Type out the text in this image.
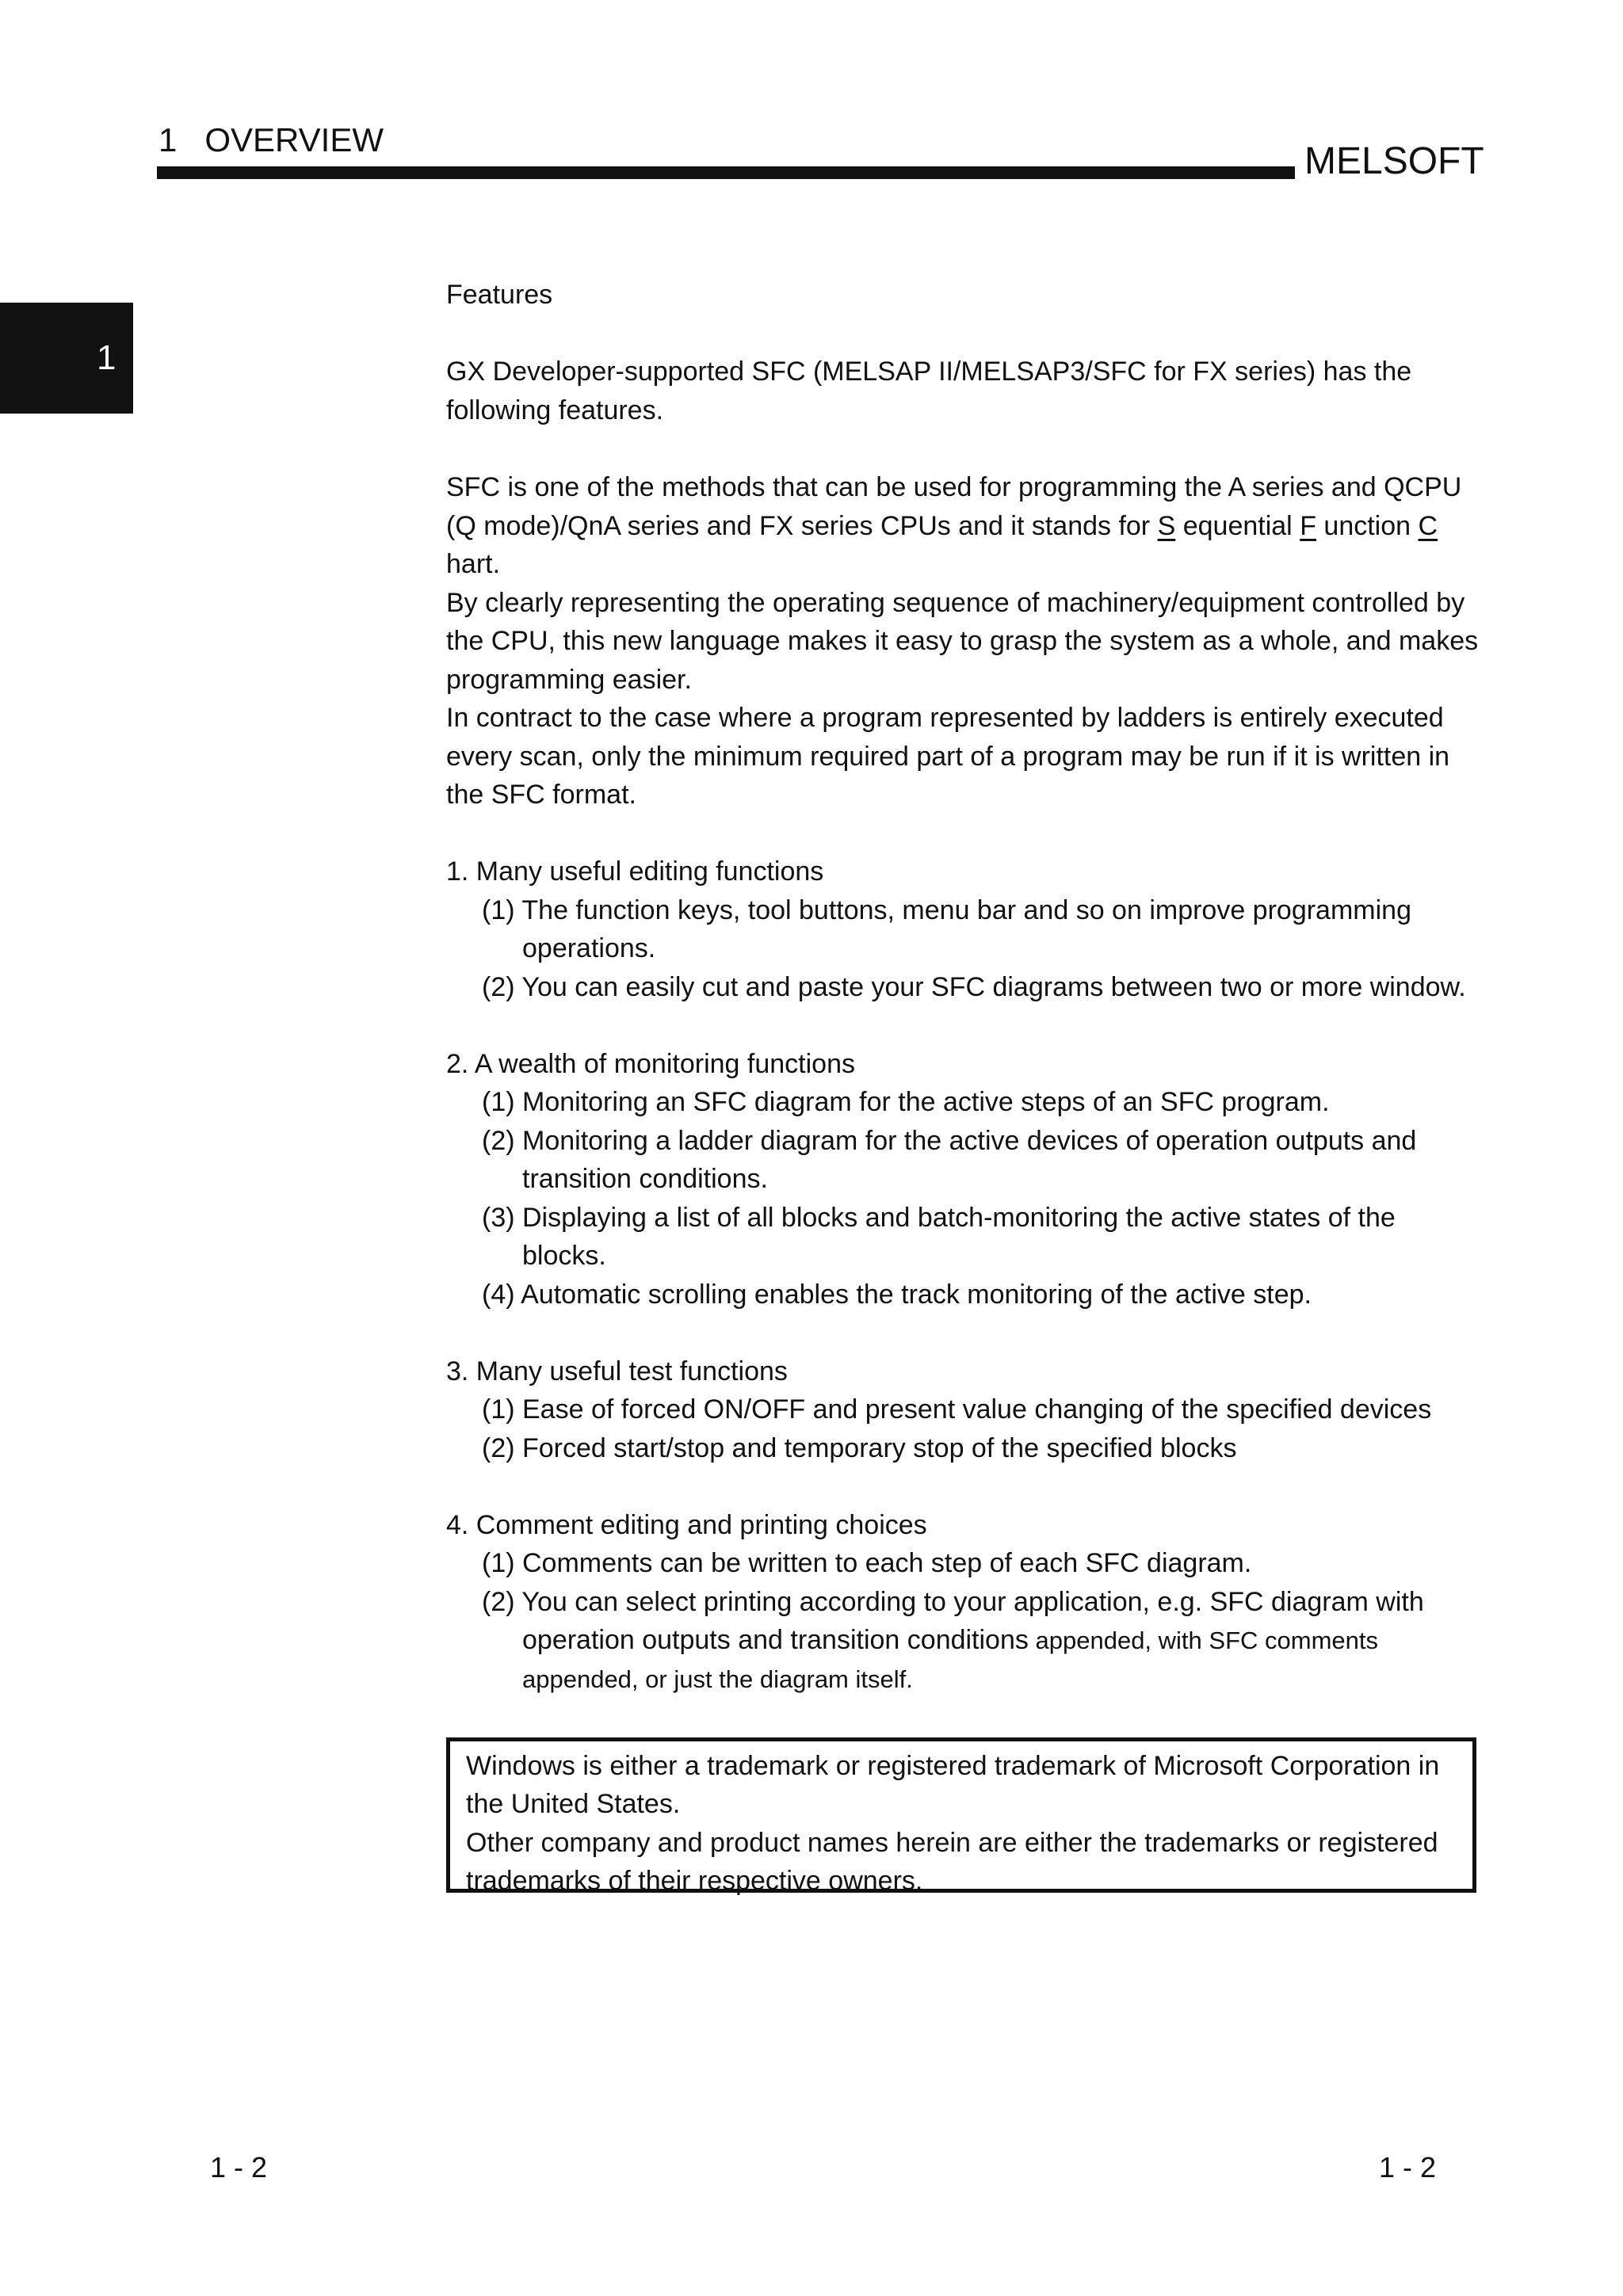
1   OVERVIEW
MELSOFT
1
Features
GX Developer-supported SFC (MELSAP II/MELSAP3/SFC for FX series) has the
following features.
SFC is one of the methods that can be used for programming the A series and QCPU
(Q mode)/QnA series and FX series CPUs and it stands for S equential F unction C
hart.
By clearly representing the operating sequence of machinery/equipment controlled by
the CPU, this new language makes it easy to grasp the system as a whole, and makes
programming easier.
In contract to the case where a program represented by ladders is entirely executed
every scan, only the minimum required part of a program may be run if it is written in
the SFC format.
1. Many useful editing functions
(1) The function keys, tool buttons, menu bar and so on improve programming
operations.
(2) You can easily cut and paste your SFC diagrams between two or more window.
2. A wealth of monitoring functions
(1) Monitoring an SFC diagram for the active steps of an SFC program.
(2) Monitoring a ladder diagram for the active devices of operation outputs and
transition conditions.
(3) Displaying a list of all blocks and batch-monitoring the active states of the
blocks.
(4) Automatic scrolling enables the track monitoring of the active step.
3. Many useful test functions
(1) Ease of forced ON/OFF and present value changing of the specified devices
(2) Forced start/stop and temporary stop of the specified blocks
4. Comment editing and printing choices
(1) Comments can be written to each step of each SFC diagram.
(2) You can select printing according to your application, e.g. SFC diagram with
operation outputs and transition conditions appended, with SFC comments
appended, or just the diagram itself.
Windows is either a trademark or registered trademark of Microsoft Corporation in
the United States.
Other company and product names herein are either the trademarks or registered
trademarks of their respective owners.
1 - 2	1 - 2
